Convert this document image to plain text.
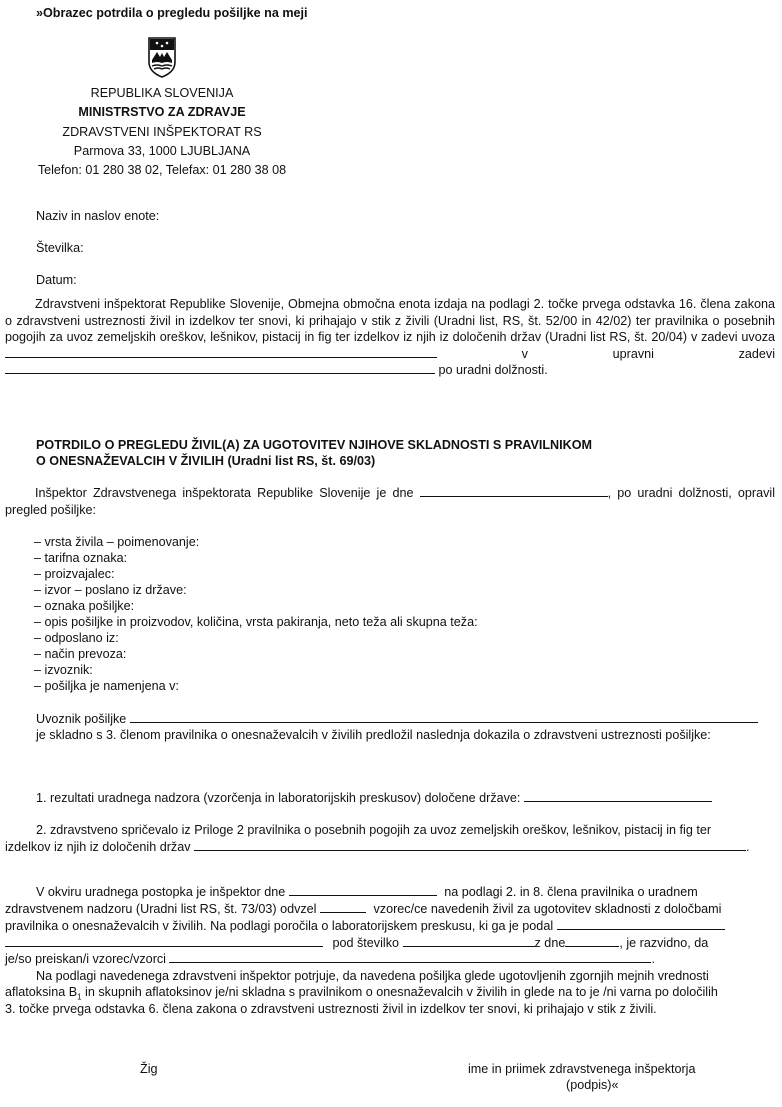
»Obrazec potrdila o pregledu pošiljke na meji
REPUBLIKA SLOVENIJA
MINISTRSTVO ZA ZDRAVJE
ZDRAVSTVENI INŠPEKTORAT RS
Parmova 33, 1000 LJUBLJANA
Telefon: 01 280 38 02, Telefax: 01 280 38 08
Naziv in naslov enote:
Številka:
Datum:
Zdravstveni inšpektorat Republike Slovenije, Obmejna območna enota izdaja na podlagi 2. točke prvega odstavka 16. člena zakona o zdravstveni ustreznosti živil in izdelkov ter snovi, ki prihajajo v stik z živili (Uradni list, RS, št. 52/00 in 42/02) ter pravilnika o posebnih pogojih za uvoz zemeljskih oreškov, lešnikov, pistacij in fig ter izdelkov iz njih iz določenih držav (Uradni list RS, št. 20/04) v zadevi uvoza  v upravni zadevi  po uradni dolžnosti.
POTRDILO O PREGLEDU ŽIVIL(A) ZA UGOTOVITEV NJIHOVE SKLADNOSTI S PRAVILNIKOM
O ONESNAŽEVALCIH V ŽIVILIH (Uradni list RS, št. 69/03)
Inšpektor Zdravstvenega inšpektorata Republike Slovenije je dne	, po uradni dolžnosti, opravil pregled pošiljke:
– vrsta živila – poimenovanje:
– tarifna oznaka:
– proizvajalec:
– izvor – poslano iz države:
– oznaka pošiljke:
– opis pošiljke in proizvodov, količina, vrsta pakiranja, neto teža ali skupna teža:
– odposlano iz:
– način prevoza:
– izvoznik:
– pošiljka je namenjena v:
Uvoznik pošiljke
je skladno s 3. členom pravilnika o onesnaževalcih v živilih predložil naslednja dokazila o zdravstveni ustreznosti pošiljke:
1. rezultati uradnega nadzora (vzorčenja in laboratorijskih preskusov) določene države:
2. zdravstveno spričevalo iz Priloge 2 pravilnika o posebnih pogojih za uvoz zemeljskih oreškov, lešnikov, pistacij in fig ter
izdelkov iz njih iz določenih držav	.
V okviru uradnega postopka je inšpektor dne	na podlagi 2. in 8. člena pravilnika o uradnem
zdravstvenem nadzoru (Uradni list RS, št. 73/03) odvzel	vzorec/ce navedenih živil za ugotovitev skladnosti z določbami
pravilnika o onesnaževalcih v živilih. Na podlagi poročila o laboratorijskem preskusu, ki ga je podal
pod številko	z dne	, je razvidno, da
je/so preiskan/i vzorec/vzorci	.
Na podlagi navedenega zdravstveni inšpektor potrjuje, da navedena pošiljka glede ugotovljenih zgornjih mejnih vrednosti
aflatoksina $B_1$ in skupnih aflatoksinov je/ni skladna s pravilnikom o onesnaževalcih v živilih in glede na to je /ni varna po določilih
3. točke prvega odstavka 6. člena zakona o zdravstveni ustreznosti živil in izdelkov ter snovi, ki prihajajo v stik z živili.
Žig	ime in priimek zdravstvenega inšpektorja
(podpis)«
